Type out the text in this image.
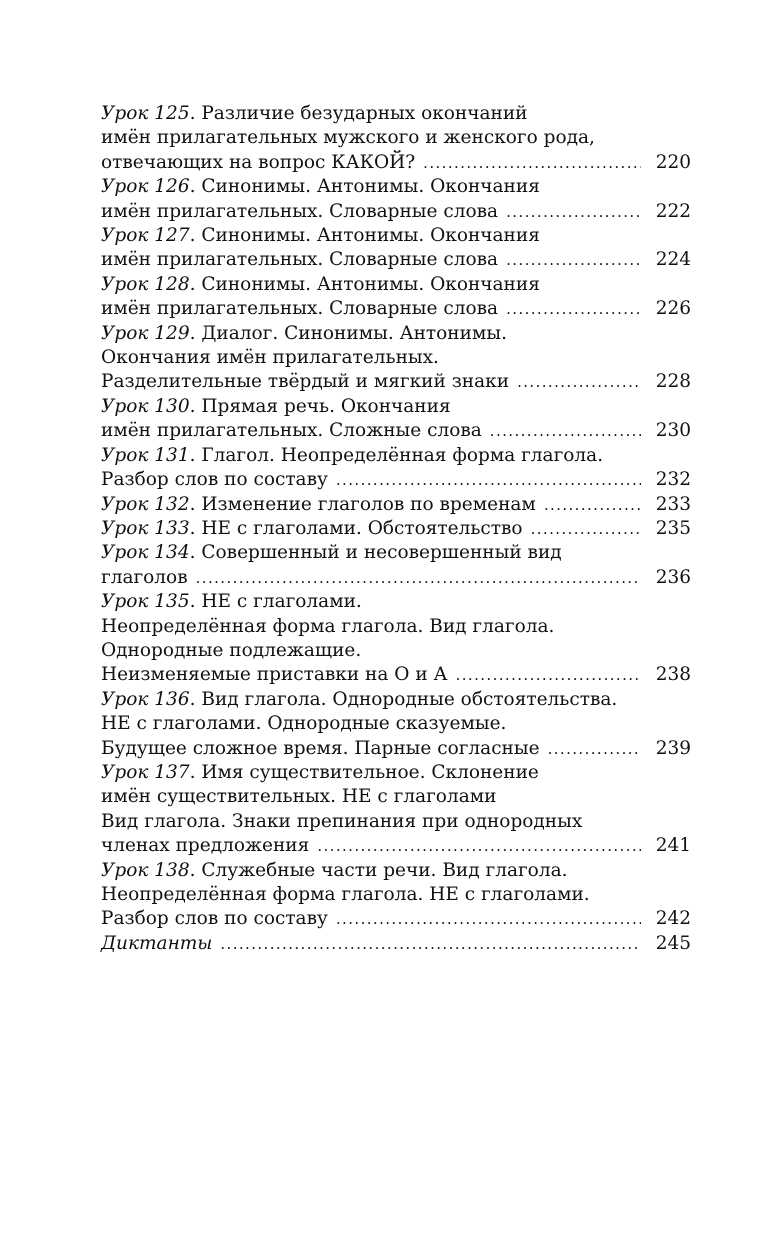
Урок 125. Различие безударных окончаний
имён прилагательных мужского и женского рода,
отвечающих на вопрос КАКОЙ? .....	220
Урок 126. Синонимы. Антонимы. Окончания
имён прилагательных. Словарные слова .....	222
Урок 127. Синонимы. Антонимы. Окончания
имён прилагательных. Словарные слова .....	224
Урок 128. Синонимы. Антонимы. Окончания
имён прилагательных. Словарные слова .....	226
Урок 129. Диалог. Синонимы. Антонимы.
Окончания имён прилагательных.
Разделительные твёрдый и мягкий знаки .....	228
Урок 130. Прямая речь. Окончания
имён прилагательных. Сложные слова .....	230
Урок 131. Глагол. Неопределённая форма глагола.
Разбор слов по составу .....	232
Урок 132. Изменение глаголов по временам .....	233
Урок 133. НЕ с глаголами. Обстоятельство .....	235
Урок 134. Совершенный и несовершенный вид
глаголов .....	236
Урок 135. НЕ с глаголами.
Неопределённая форма глагола. Вид глагола.
Однородные подлежащие.
Неизменяемые приставки на О и А .....	238
Урок 136. Вид глагола. Однородные обстоятельства.
НЕ с глаголами. Однородные сказуемые.
Будущее сложное время. Парные согласные .....	239
Урок 137. Имя существительное. Склонение
имён существительных. НЕ с глаголами
Вид глагола. Знаки препинания при однородных
членах предложения .....	241
Урок 138. Служебные части речи. Вид глагола.
Неопределённая форма глагола. НЕ с глаголами.
Разбор слов по составу .....	242
Диктанты .....	245
